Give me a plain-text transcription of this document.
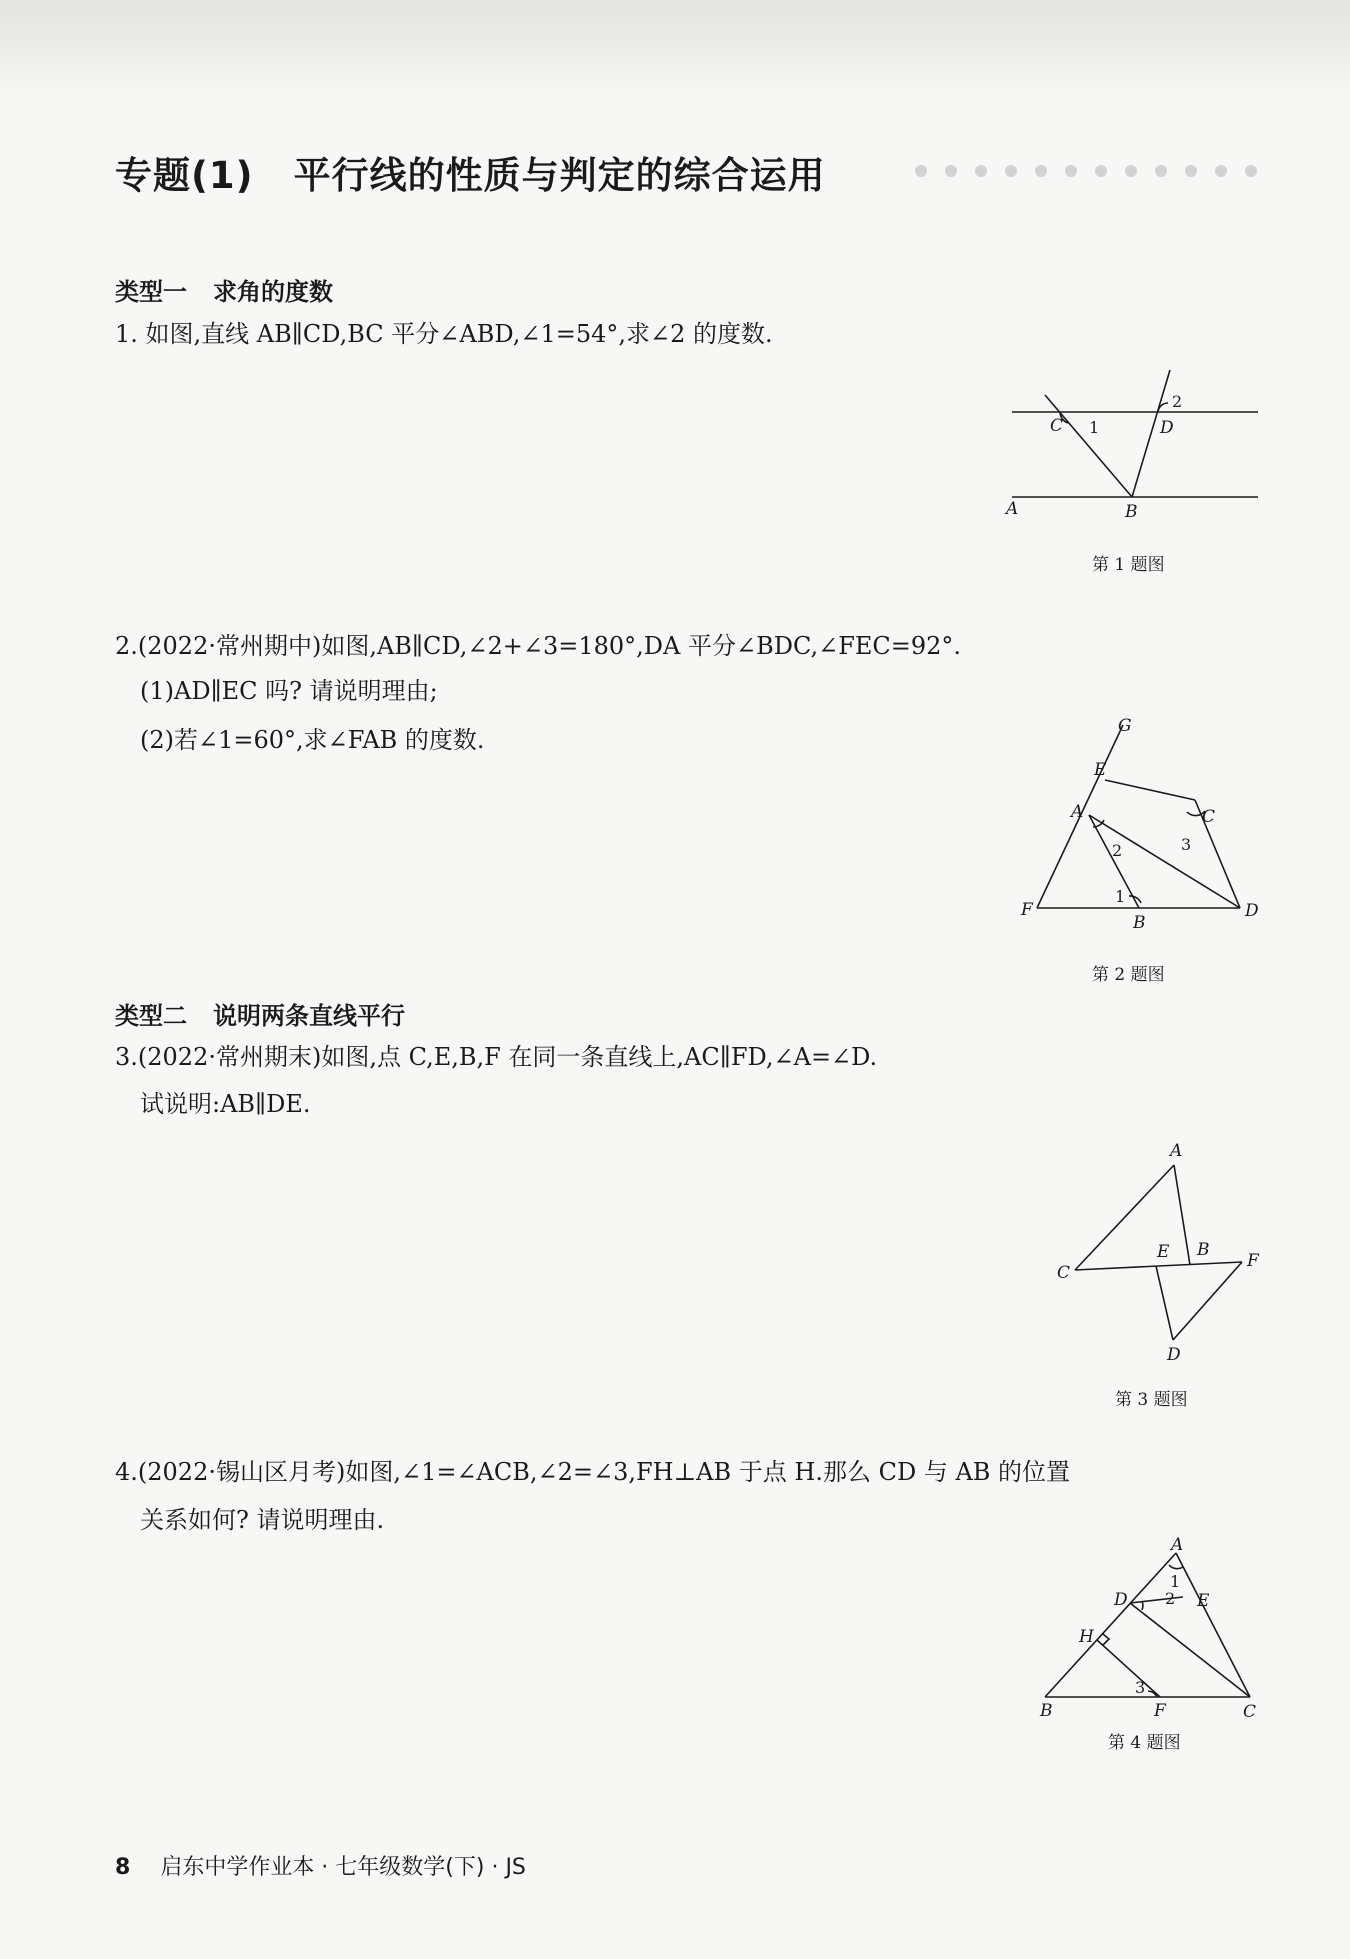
专题(1) 平行线的性质与判定的综合运用
类型一 求角的度数
1. 如图,直线 AB∥CD,BC 平分∠ABD,∠1=54°,求∠2 的度数.
C 1	D
2
A	B
第 1 题图
2.(2022·常州期中)如图,AB∥CD,∠2+∠3=180°,DA 平分∠BDC,∠FEC=92°.
(1)AD∥EC 吗? 请说明理由;
(2)若∠1=60°,求∠FAB 的度数.	G
E
A	C
2	3
F
1
B
D
第 2 题图
类型二 说明两条直线平行
3.(2022·常州期末)如图,点 C,E,B,F 在同一条直线上,AC∥FD,∠A=∠D.
试说明:AB∥DE.
A
C
E B
F
D
第 3 题图
4.(2022·锡山区月考)如图,∠1=∠ACB,∠2=∠3,FH⊥AB 于点 H.那么 CD 与 AB 的位置
关系如何? 请说明理由.
A
D
1
E
2
H
3
B	F	C
第 4 题图
8 启东中学作业本 · 七年级数学(下) · JS
